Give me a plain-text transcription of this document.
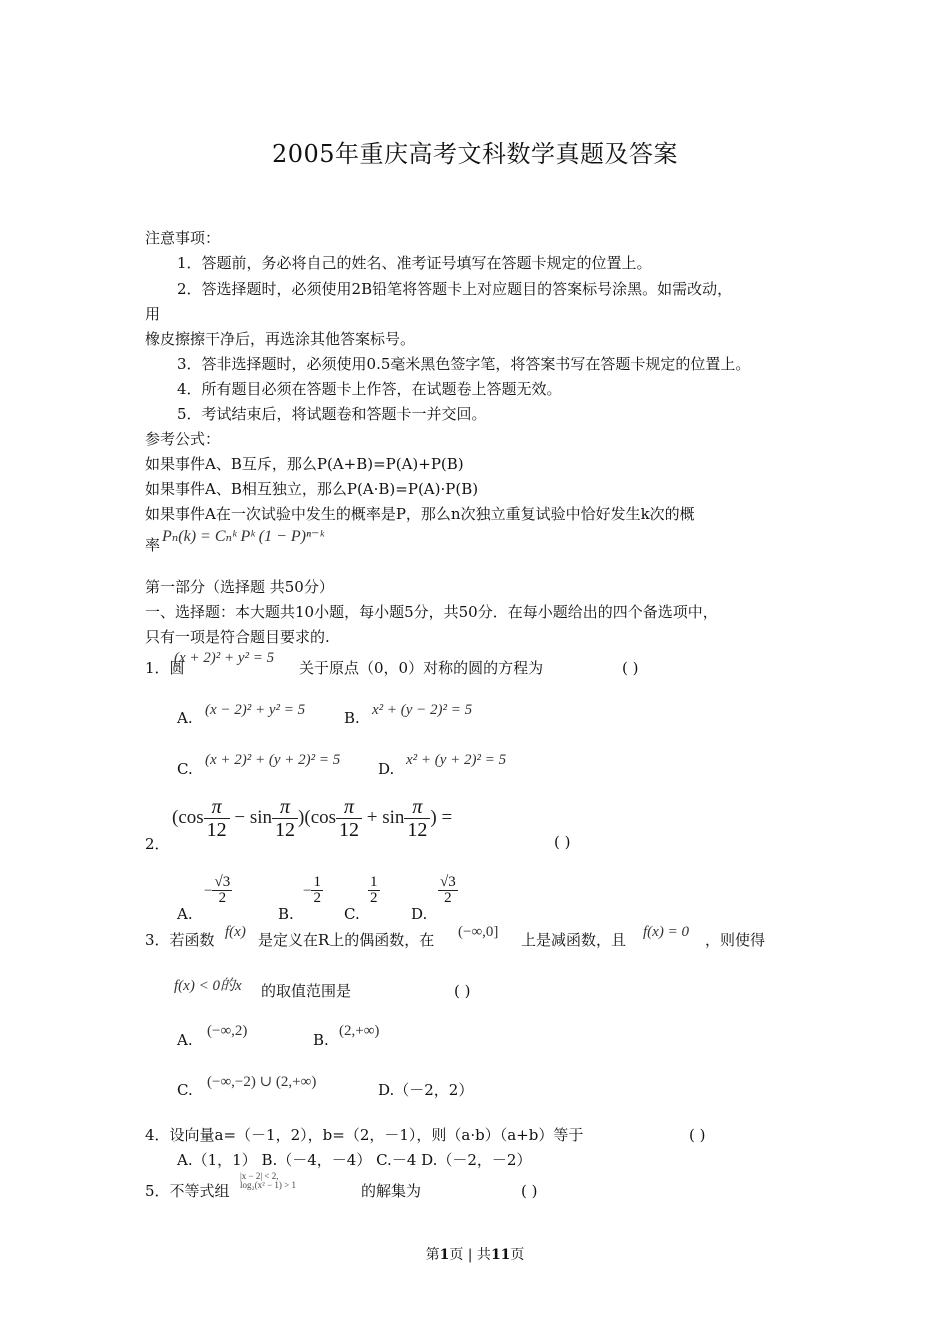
2005年重庆高考文科数学真题及答案
注意事项：
1．答题前，务必将自己的姓名、准考证号填写在答题卡规定的位置上。
2．答选择题时，必须使用2B铅笔将答题卡上对应题目的答案标号涂黑。如需改动，
用
橡皮擦擦干净后，再选涂其他答案标号。
3．答非选择题时，必须使用0.5毫米黑色签字笔，将答案书写在答题卡规定的位置上。
4．所有题目必须在答题卡上作答，在试题卷上答题无效。
5．考试结束后，将试题卷和答题卡一并交回。
参考公式：
如果事件A、B互斥，那么P(A+B)=P(A)+P(B)
如果事件A、B相互独立，那么P(A·B)=P(A)·P(B)
如果事件A在一次试验中发生的概率是P，那么n次独立重复试验中恰好发生k次的概
率 Pₙ(k) = Cₙᵏ Pᵏ (1 − P)ⁿ⁻ᵏ
第一部分（选择题 共50分）
一、选择题：本大题共10小题，每小题5分，共50分．在每小题给出的四个备选项中，
只有一项是符合题目要求的.
1．圆
(x + 2)² + y² = 5
关于原点（0，0）对称的圆的方程为	( )
A. (x − 2)² + y² = 5	B. x² + (y − 2)² = 5
C. (x + 2)² + (y + 2)² = 5	D. x² + (y + 2)² = 5
2．
$(\cos \frac{\pi}{12} - \sin \frac{\pi}{12} )(\cos \frac{\pi}{12} + \sin \frac{\pi}{12}$ ) =
( )
A.
− $\frac{√3}{2}$
B.
− $\frac{1}{2}$
C.
$\frac{1}{2}$
D.
$\frac{√3}{2}$
3．若函数 f(x) 是定义在R上的偶函数，在 (−∞,0] 上是减函数，且 f(x) = 0 ，则使得
f(x) < 0的x 的取值范围是	( )
A. (−∞,2)	B. (2,+∞)
C. (−∞,−2) ∪ (2,+∞)	D.（－2，2）
4．设向量a=（－1，2），b=（2，－1），则（a·b）（a+b）等于	( )
A.（1，1） B.（－4，－4） C.－4 D.（－2，－2）
5．不等式组
|x − 2| < 2,
log₂(x² − 1) > 1	的解集为	( )
第1页 | 共11页
